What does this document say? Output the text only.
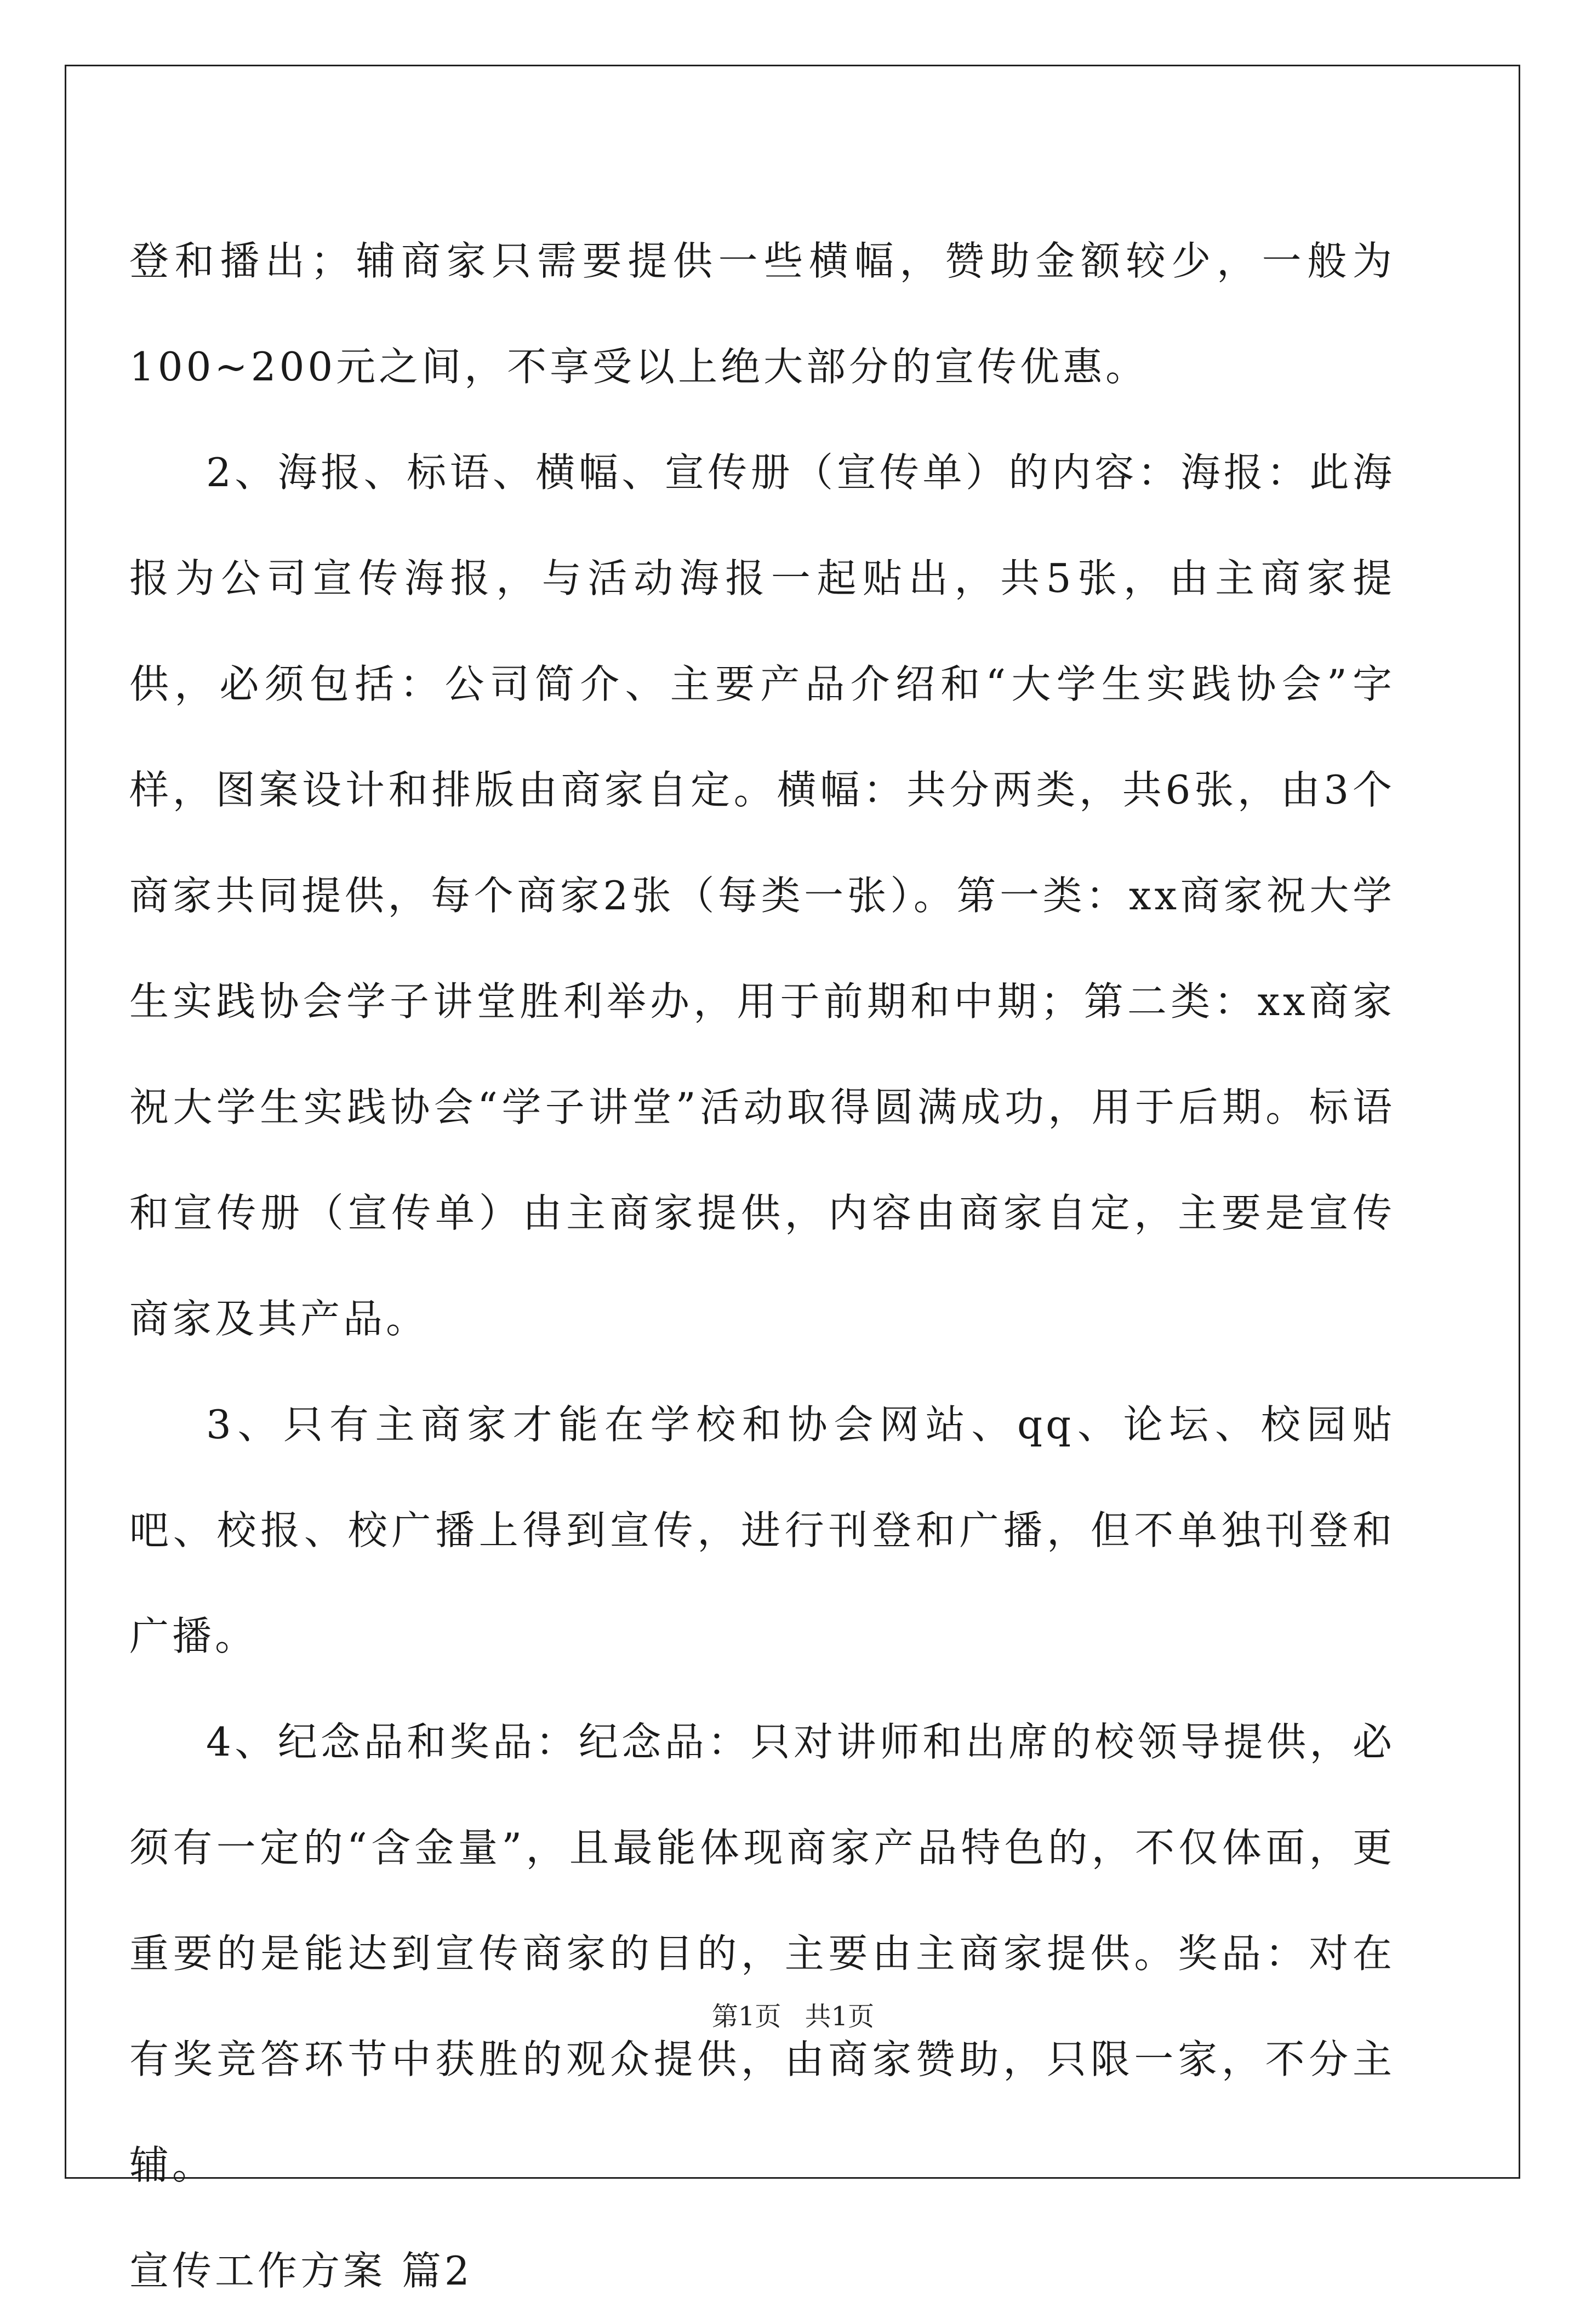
登和播出；辅商家只需要提供一些横幅，赞助金额较少，一般为100~200元之间，不享受以上绝大部分的宣传优惠。

2、海报、标语、横幅、宣传册（宣传单）的内容：海报：此海报为公司宣传海报，与活动海报一起贴出，共5张，由主商家提供，必须包括：公司简介、主要产品介绍和“大学生实践协会”字样，图案设计和排版由商家自定。横幅：共分两类，共6张，由3个商家共同提供，每个商家2张（每类一张）。第一类：xx商家祝大学生实践协会学子讲堂胜利举办，用于前期和中期；第二类：xx商家祝大学生实践协会“学子讲堂”活动取得圆满成功，用于后期。标语和宣传册（宣传单）由主商家提供，内容由商家自定，主要是宣传商家及其产品。

3、只有主商家才能在学校和协会网站、qq、论坛、校园贴吧、校报、校广播上得到宣传，进行刊登和广播，但不单独刊登和广播。

4、纪念品和奖品：纪念品：只对讲师和出席的校领导提供，必须有一定的“含金量”，且最能体现商家产品特色的，不仅体面，更重要的是能达到宣传商家的目的，主要由主商家提供。奖品：对在有奖竞答环节中获胜的观众提供，由商家赞助，只限一家，不分主辅。

宣传工作方案 篇2

第1页 共1页
